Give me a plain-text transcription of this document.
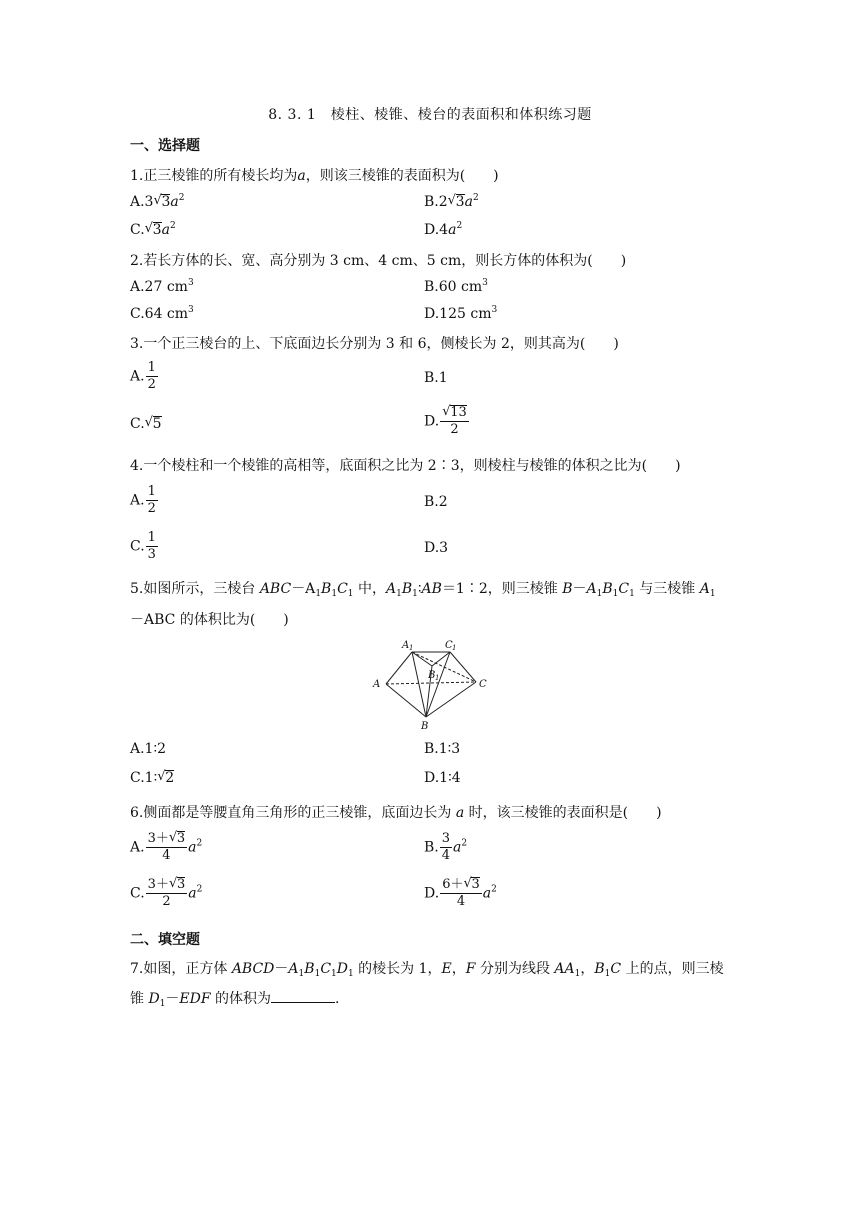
8. 3. 1　棱柱、棱锥、棱台的表面积和体积练习题
一、选择题
1.正三棱锥的所有棱长均为a，则该三棱锥的表面积为(　　)
A.3 √ $3a^2$	B.2 √ $3a^2$
C. √ $3a^2$	$D.4a^2$
2.若长方体的长、宽、高分别为 3 cm、4 cm、5 cm，则长方体的体积为(　　)
A.27 $cm^3$	B.60 $cm^3$
C.64 $cm^3$	D.125 $cm^3$
3.一个正三棱台的上、下底面边长分别为 3 和 6，侧棱长为 2，则其高为(　　)
A. $\frac{1}{2}$	B.1
C. √ 5	D. √ $\frac{13}{2}$
4.一个棱柱和一个棱锥的高相等，底面积之比为 2∶3，则棱柱与棱锥的体积之比为(　　)
A. $\frac{1}{2}$	B.2
C. $\frac{1}{3}$	D.3
5.如图所示，三棱台 $ABC-A_1B_1C_1$ 中，$A_1B_1∶AB=1∶2$，则三棱锥 $B-A_1B_1C_1$ 与三棱锥 $A_1$
－ABC 的体积比为(　　)
A 1	C 1
B 1
A	C
B
A.1∶2	B.1∶3
C.1∶ √ 2	D.1∶4
6.侧面都是等腰直角三角形的正三棱锥，底面边长为 a 时，该三棱锥的表面积是(　　)
A. $\frac{3+ √ 3}{4} a^2$	B. $\frac{3}{4} a^2$
C. $\frac{3+ √ 3}{2} a^2$	D. $\frac{6+ √ 3}{4} a^2$
二、填空题
7.如图，正方体 $ABCD-A_1B_1C_1D_1$ 的棱长为 1，E，F 分别为线段 $AA_1$，$B_1C$ 上的点，则三棱
锥 $D_1-EDF$ 的体积为	.
